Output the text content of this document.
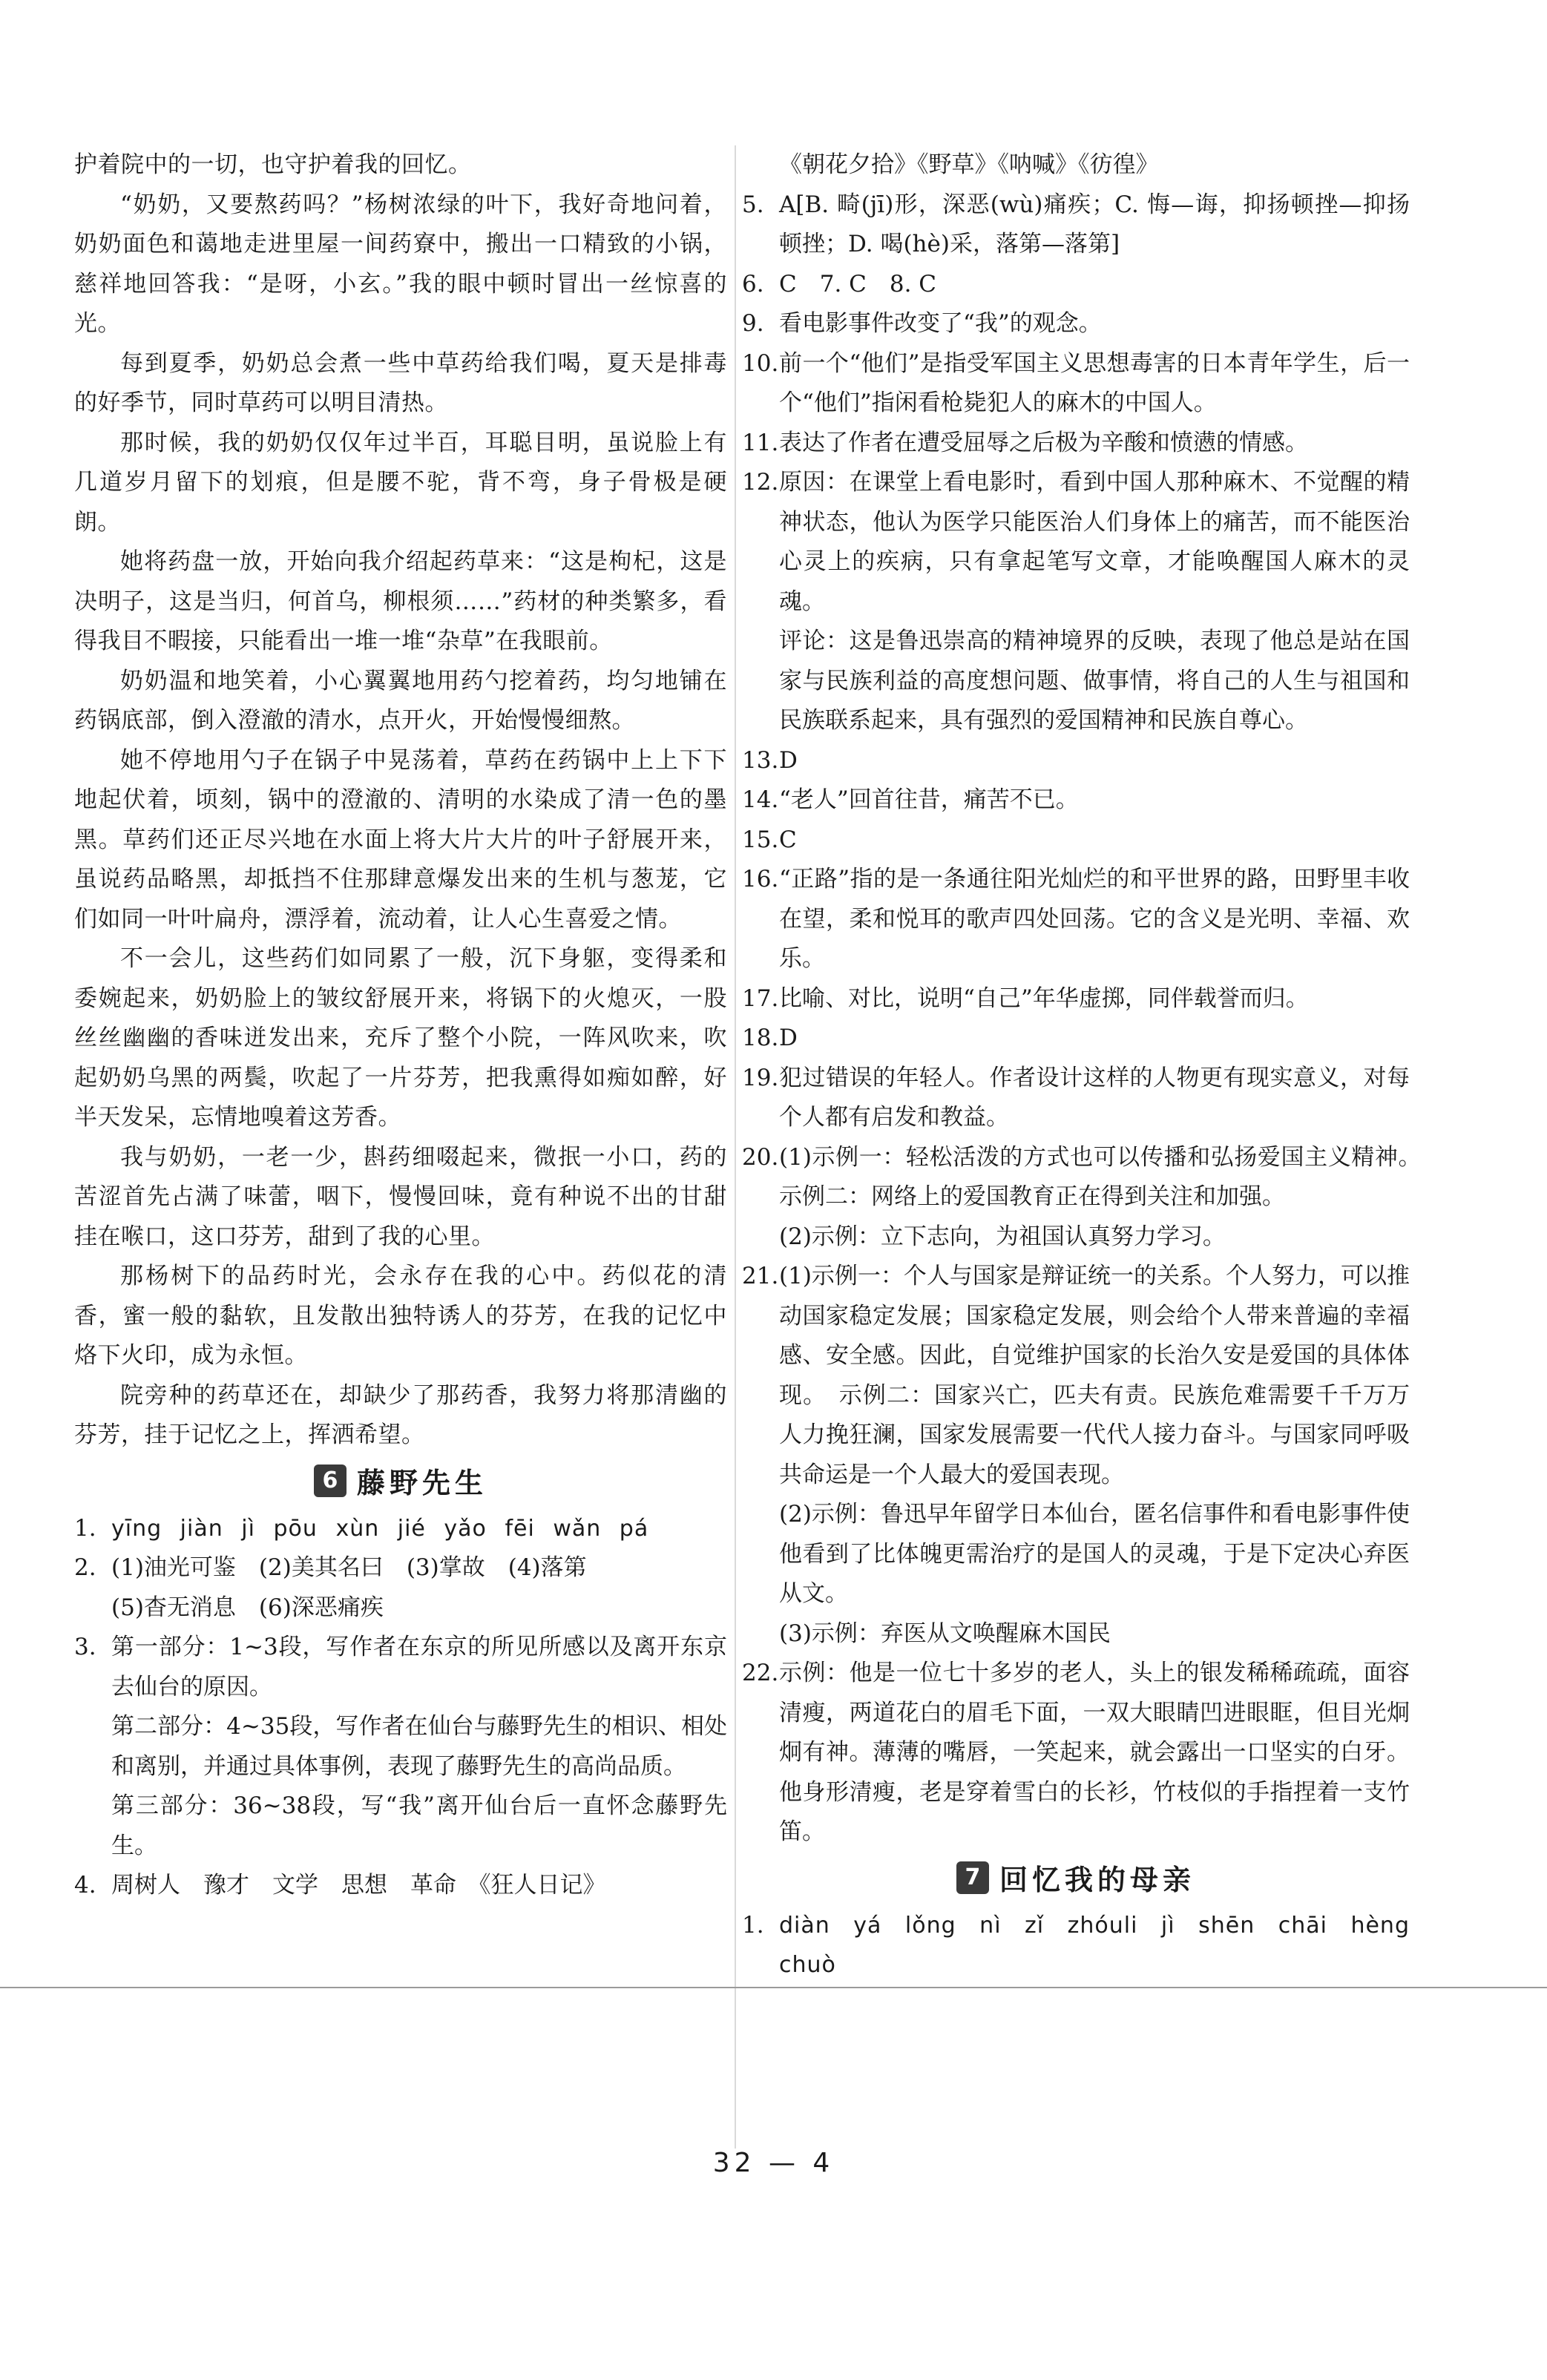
护着院中的一切，也守护着我的回忆。

“奶奶，又要熬药吗？”杨树浓绿的叶下，我好奇地问着，奶奶面色和蔼地走进里屋一间药寮中，搬出一口精致的小锅，慈祥地回答我：“是呀，小玄。”我的眼中顿时冒出一丝惊喜的光。

每到夏季，奶奶总会煮一些中草药给我们喝，夏天是排毒的好季节，同时草药可以明目清热。

那时候，我的奶奶仅仅年过半百，耳聪目明，虽说脸上有几道岁月留下的划痕，但是腰不驼，背不弯，身子骨极是硬朗。

她将药盘一放，开始向我介绍起药草来：“这是枸杞，这是决明子，这是当归，何首乌，柳根须……”药材的种类繁多，看得我目不暇接，只能看出一堆一堆“杂草”在我眼前。

奶奶温和地笑着，小心翼翼地用药勺挖着药，均匀地铺在药锅底部，倒入澄澈的清水，点开火，开始慢慢细熬。

她不停地用勺子在锅子中晃荡着，草药在药锅中上上下下地起伏着，顷刻，锅中的澄澈的、清明的水染成了清一色的墨黑。草药们还正尽兴地在水面上将大片大片的叶子舒展开来，虽说药品略黑，却抵挡不住那肆意爆发出来的生机与葱茏，它们如同一叶叶扁舟，漂浮着，流动着，让人心生喜爱之情。

不一会儿，这些药们如同累了一般，沉下身躯，变得柔和委婉起来，奶奶脸上的皱纹舒展开来，将锅下的火熄灭，一股丝丝幽幽的香味迸发出来，充斥了整个小院，一阵风吹来，吹起奶奶乌黑的两鬓，吹起了一片芬芳，把我熏得如痴如醉，好半天发呆，忘情地嗅着这芳香。

我与奶奶，一老一少，斟药细啜起来，微抿一小口，药的苦涩首先占满了味蕾，咽下，慢慢回味，竟有种说不出的甘甜挂在喉口，这口芬芳，甜到了我的心里。

那杨树下的品药时光，会永存在我的心中。药似花的清香，蜜一般的黏软，且发散出独特诱人的芬芳，在我的记忆中烙下火印，成为永恒。

院旁种的药草还在，却缺少了那药香，我努力将那清幽的芬芳，挂于记忆之上，挥洒希望。

6 藤野先生
1. yīng jiàn jì pōu xùn jié yǎo fēi wǎn pá
2. (1)油光可鉴　(2)美其名曰　(3)掌故　(4)落第

(5)杳无消息　(6)深恶痛疾

3. 第一部分：1~3段，写作者在东京的所见所感以及离开东京去仙台的原因。

第二部分：4~35段，写作者在仙台与藤野先生的相识、相处和离别，并通过具体事例，表现了藤野先生的高尚品质。

第三部分：36~38段，写“我”离开仙台后一直怀念藤野先生。

4. 周树人　豫才　文学　思想　革命　《狂人日记》

《朝花夕拾》《野草》《呐喊》《彷徨》

5. A[B. 畸(jī)形，深恶(wù)痛疾；C. 悔—诲，抑扬顿挫—抑扬顿挫；D. 喝(hè)采，落第—落第]
6. C　7. C　8. C
9. 看电影事件改变了“我”的观念。
10. 前一个“他们”是指受军国主义思想毒害的日本青年学生，后一个“他们”指闲看枪毙犯人的麻木的中国人。
11. 表达了作者在遭受屈辱之后极为辛酸和愤懑的情感。
12. 原因：在课堂上看电影时，看到中国人那种麻木、不觉醒的精神状态，他认为医学只能医治人们身体上的痛苦，而不能医治心灵上的疾病，只有拿起笔写文章，才能唤醒国人麻木的灵魂。

评论：这是鲁迅崇高的精神境界的反映，表现了他总是站在国家与民族利益的高度想问题、做事情，将自己的人生与祖国和民族联系起来，具有强烈的爱国精神和民族自尊心。

13. D
14. “老人”回首往昔，痛苦不已。
15. C
16. “正路”指的是一条通往阳光灿烂的和平世界的路，田野里丰收在望，柔和悦耳的歌声四处回荡。它的含义是光明、幸福、欢乐。
17. 比喻、对比，说明“自己”年华虚掷，同伴载誉而归。
18. D
19. 犯过错误的年轻人。作者设计这样的人物更有现实意义，对每个人都有启发和教益。
20. (1)示例一：轻松活泼的方式也可以传播和弘扬爱国主义精神。　示例二：网络上的爱国教育正在得到关注和加强。

(2)示例：立下志向，为祖国认真努力学习。

21. (1)示例一：个人与国家是辩证统一的关系。个人努力，可以推动国家稳定发展；国家稳定发展，则会给个人带来普遍的幸福感、安全感。因此，自觉维护国家的长治久安是爱国的具体体现。　示例二：国家兴亡，匹夫有责。民族危难需要千千万万人力挽狂澜，国家发展需要一代代人接力奋斗。与国家同呼吸共命运是一个人最大的爱国表现。

(2)示例：鲁迅早年留学日本仙台，匿名信事件和看电影事件使他看到了比体魄更需治疗的是国人的灵魂，于是下定决心弃医从文。

(3)示例：弃医从文唤醒麻木国民

22. 示例：他是一位七十多岁的老人，头上的银发稀稀疏疏，面容清瘦，两道花白的眉毛下面，一双大眼睛凹进眼眶，但目光炯炯有神。薄薄的嘴唇，一笑起来，就会露出一口坚实的白牙。他身形清瘦，老是穿着雪白的长衫，竹枝似的手指捏着一支竹笛。
7 回忆我的母亲
1. diàn yá lǒng nì zǐ zhóuli jì shēn chāi hèng chuò
32 — 4
